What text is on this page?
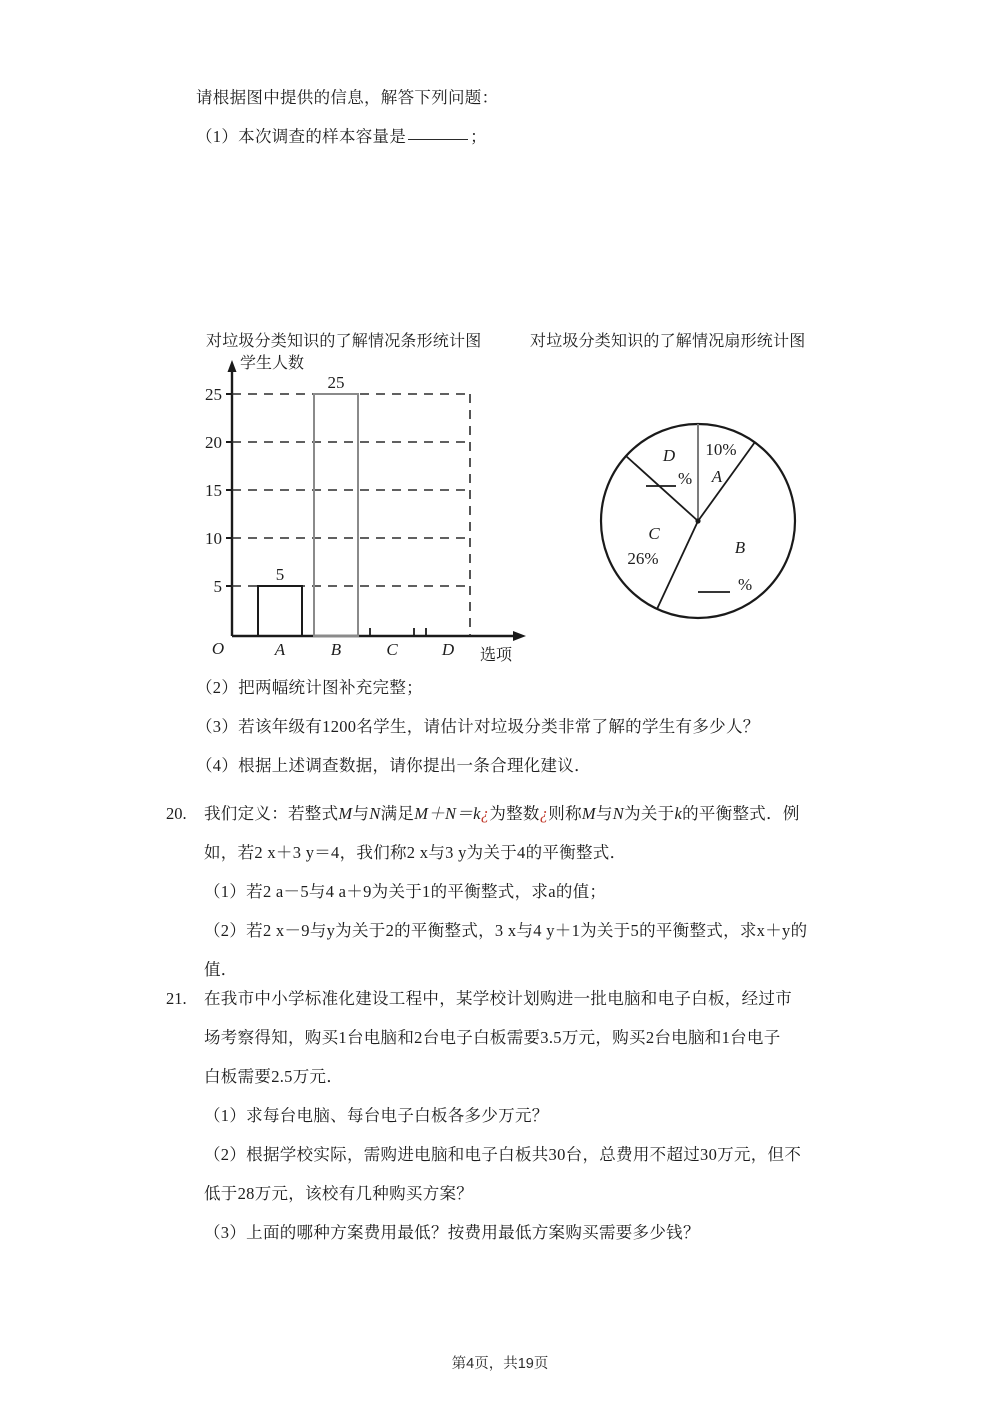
请根据图中提供的信息，解答下列问题：
（1）本次调查的样本容量是	；
对垃圾分类知识的了解情况条形统计图	对垃圾分类知识的了解情况扇形统计图
25
20
15
10
5
O
5
25
A	B	C	D
学生人数
选项
10%
A
B
%
C
26%
D
%
（2）把两幅统计图补充完整；
（3）若该年级有1200名学生，请估计对垃圾分类非常了解的学生有多少人？
（4）根据上述调查数据，请你提出一条合理化建议．
20. 我们定义：若整式M与N满足M＋N＝k¿为整数¿则称M与N为关于k的平衡整式．例
如，若2 x＋3 y＝4，我们称2 x与3 y为关于4的平衡整式．
（1）若2 a－5与4 a＋9为关于1的平衡整式，求a的值；
（2）若2 x－9与y为关于2的平衡整式，3 x与4 y＋1为关于5的平衡整式，求x＋y的
值．
21. 在我市中小学标准化建设工程中，某学校计划购进一批电脑和电子白板，经过市
场考察得知，购买1台电脑和2台电子白板需要3.5万元，购买2台电脑和1台电子
白板需要2.5万元．
（1）求每台电脑、每台电子白板各多少万元？
（2）根据学校实际，需购进电脑和电子白板共30台，总费用不超过30万元，但不
低于28万元，该校有几种购买方案？
（3）上面的哪种方案费用最低？按费用最低方案购买需要多少钱？
第4页，共19页
